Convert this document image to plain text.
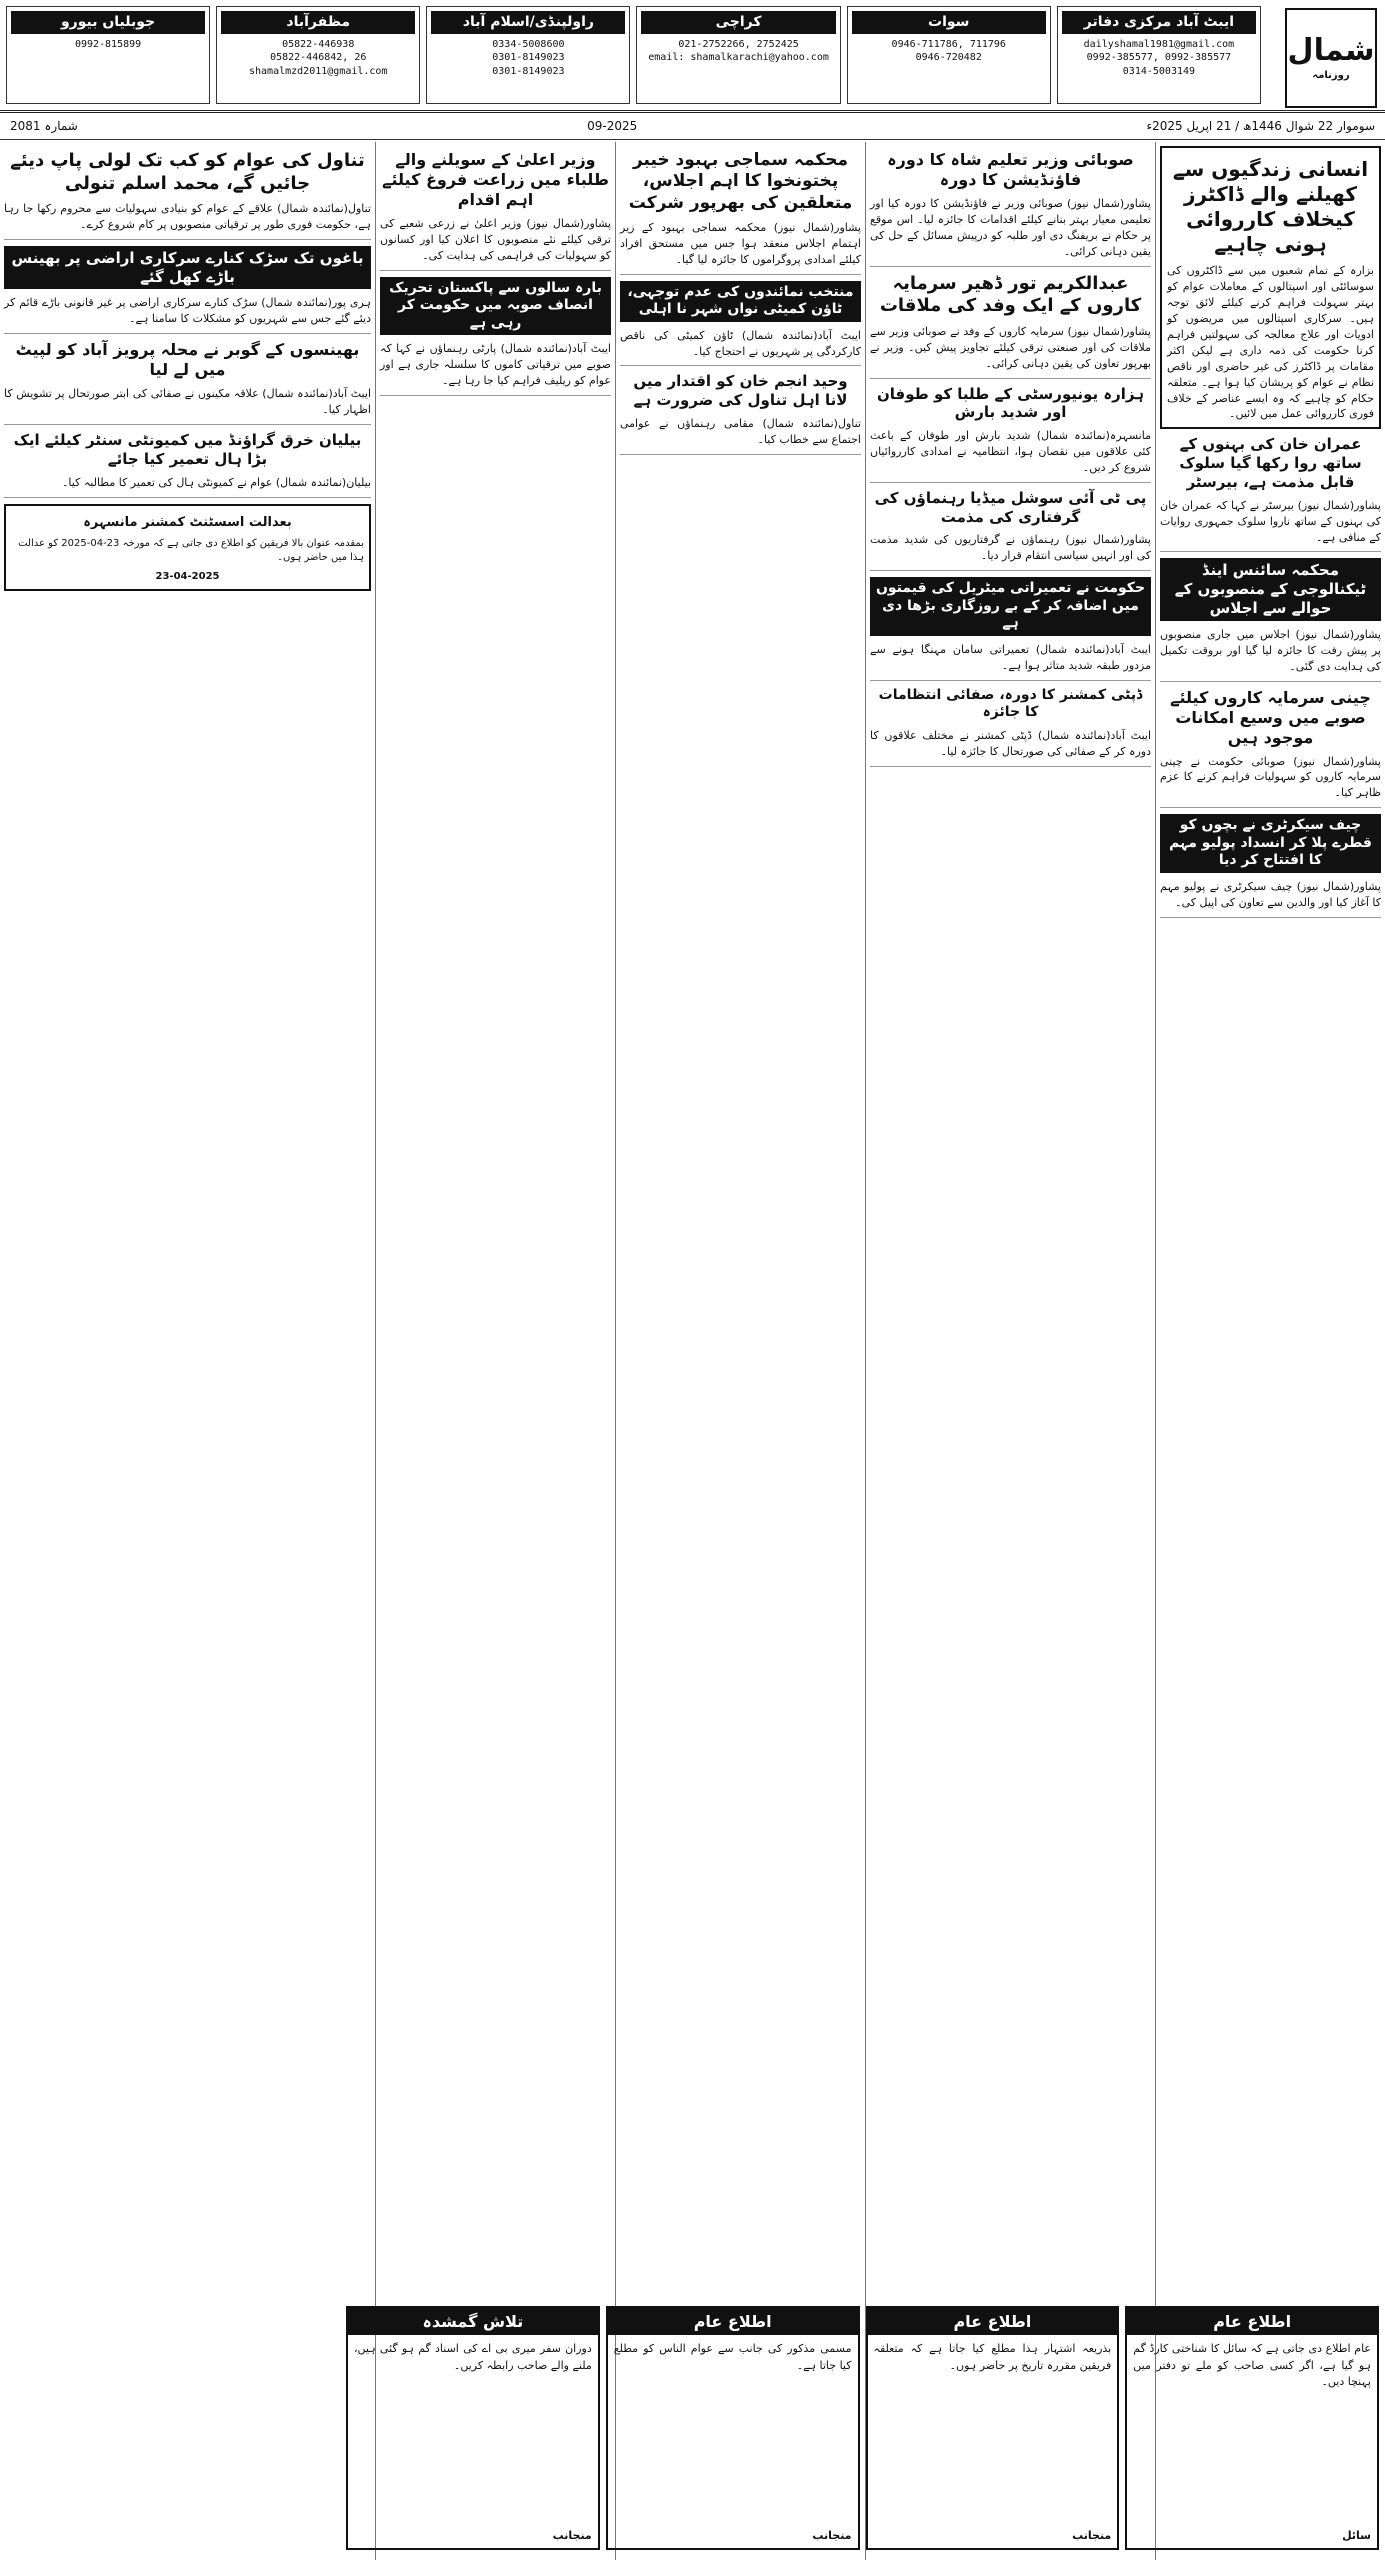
شمال
روزنامہ
ایبٹ آباد مرکزی دفاتر
dailyshamal1981@gmail.com
0992-385577, 0992-385577
0314-5003149
سوات
0946-711786, 711796
0946-720482
کراچی
021-2752266, 2752425
email: shamalkarachi@yahoo.com
راولپنڈی/اسلام آباد
0334-5008600
0301-8149023
0301-8149023
مظفرآباد
05822-446938
05822-446842, 26
shamalmzd2011@gmail.com
جوبلیاں بیورو
0992-815899
سوموار 22 شوال 1446ھ / 21 اپریل 2025ء
09-2025
شمارہ 2081
انسانی زندگیوں سے کھیلنے والے ڈاکٹرز کیخلاف کارروائی ہونی چاہیے
بزارہ کے تمام شعبوں میں سے ڈاکٹروں کی سوسائٹی اور اسپتالوں کے معاملات عوام کو بہتر سہولت فراہم کرنے کیلئے لائق توجہ ہیں۔ سرکاری اسپتالوں میں مریضوں کو ادویات اور علاج معالجہ کی سہولتیں فراہم کرنا حکومت کی ذمہ داری ہے لیکن اکثر مقامات پر ڈاکٹرز کی غیر حاضری اور ناقص نظام نے عوام کو پریشان کیا ہوا ہے۔ متعلقہ حکام کو چاہیے کہ وہ ایسے عناصر کے خلاف فوری کارروائی عمل میں لائیں۔
عمران خان کی بہنوں کے ساتھ روا رکھا گیا سلوک قابل مذمت ہے، بیرسٹر
پشاور(شمال نیوز) بیرسٹر نے کہا کہ عمران خان کی بہنوں کے ساتھ ناروا سلوک جمہوری روایات کے منافی ہے۔
محکمہ سائنس اینڈ ٹیکنالوجی کے منصوبوں کے حوالے سے اجلاس
پشاور(شمال نیوز) اجلاس میں جاری منصوبوں پر پیش رفت کا جائزہ لیا گیا اور بروقت تکمیل کی ہدایت دی گئی۔
چینی سرمایہ کاروں کیلئے صوبے میں وسیع امکانات موجود ہیں
پشاور(شمال نیوز) صوبائی حکومت نے چینی سرمایہ کاروں کو سہولیات فراہم کرنے کا عزم ظاہر کیا۔
چیف سیکرٹری نے بچوں کو قطرے پلا کر انسداد پولیو مہم کا افتتاح کر دیا
پشاور(شمال نیوز) چیف سیکرٹری نے پولیو مہم کا آغاز کیا اور والدین سے تعاون کی اپیل کی۔
صوبائی وزیر تعلیم شاہ کا دورہ فاؤنڈیشن کا دورہ
پشاور(شمال نیوز) صوبائی وزیر نے فاؤنڈیشن کا دورہ کیا اور تعلیمی معیار بہتر بنانے کیلئے اقدامات کا جائزہ لیا۔ اس موقع پر حکام نے بریفنگ دی اور طلبہ کو درپیش مسائل کے حل کی یقین دہانی کرائی۔
عبدالکریم تور ڈھیر سرمایہ کاروں کے ایک وفد کی ملاقات
پشاور(شمال نیوز) سرمایہ کاروں کے وفد نے صوبائی وزیر سے ملاقات کی اور صنعتی ترقی کیلئے تجاویز پیش کیں۔ وزیر نے بھرپور تعاون کی یقین دہانی کرائی۔
ہزارہ یونیورسٹی کے طلبا کو طوفان اور شدید بارش
مانسہرہ(نمائندہ شمال) شدید بارش اور طوفان کے باعث کئی علاقوں میں نقصان ہوا، انتظامیہ نے امدادی کارروائیاں شروع کر دیں۔
پی ٹی آئی سوشل میڈیا رہنماؤں کی گرفتاری کی مذمت
پشاور(شمال نیوز) رہنماؤں نے گرفتاریوں کی شدید مذمت کی اور انہیں سیاسی انتقام قرار دیا۔
حکومت نے تعمیراتی میٹریل کی قیمتوں میں اضافہ کر کے بے روزگاری بڑھا دی ہے
ایبٹ آباد(نمائندہ شمال) تعمیراتی سامان مہنگا ہونے سے مزدور طبقہ شدید متاثر ہوا ہے۔
ڈپٹی کمشنر کا دورہ، صفائی انتظامات کا جائزہ
ایبٹ آباد(نمائندہ شمال) ڈپٹی کمشنر نے مختلف علاقوں کا دورہ کر کے صفائی کی صورتحال کا جائزہ لیا۔
محکمہ سماجی بہبود خیبر پختونخوا کا اہم اجلاس، متعلقین کی بھرپور شرکت
پشاور(شمال نیوز) محکمہ سماجی بہبود کے زیر اہتمام اجلاس منعقد ہوا جس میں مستحق افراد کیلئے امدادی پروگراموں کا جائزہ لیا گیا۔
منتخب نمائندوں کی عدم توجہی، ٹاؤن کمیٹی نواں شہر نا اہلی
ایبٹ آباد(نمائندہ شمال) ٹاؤن کمیٹی کی ناقص کارکردگی پر شہریوں نے احتجاج کیا۔
وحید انجم خان کو اقتدار میں لانا اہل تناول کی ضرورت ہے
تناول(نمائندہ شمال) مقامی رہنماؤں نے عوامی اجتماع سے خطاب کیا۔
وزیر اعلیٰ کے سویلنے والے طلباء میں زراعت فروغ کیلئے اہم اقدام
پشاور(شمال نیوز) وزیر اعلیٰ نے زرعی شعبے کی ترقی کیلئے نئے منصوبوں کا اعلان کیا اور کسانوں کو سہولیات کی فراہمی کی ہدایت کی۔
بارہ سالوں سے پاکستان تحریک انصاف صوبہ میں حکومت کر رہی ہے
ایبٹ آباد(نمائندہ شمال) پارٹی رہنماؤں نے کہا کہ صوبے میں ترقیاتی کاموں کا سلسلہ جاری ہے اور عوام کو ریلیف فراہم کیا جا رہا ہے۔
تناول کی عوام کو کب تک لولی پاپ دیئے جائیں گے، محمد اسلم تنولی
تناول(نمائندہ شمال) علاقے کے عوام کو بنیادی سہولیات سے محروم رکھا جا رہا ہے، حکومت فوری طور پر ترقیاتی منصوبوں پر کام شروع کرے۔
باغوں تک سڑک کنارے سرکاری اراضی پر بھینس باڑے کھل گئے
ہری پور(نمائندہ شمال) سڑک کنارے سرکاری اراضی پر غیر قانونی باڑے قائم کر دیئے گئے جس سے شہریوں کو مشکلات کا سامنا ہے۔
بھینسوں کے گوبر نے محلہ پرویز آباد کو لپیٹ میں لے لیا
ایبٹ آباد(نمائندہ شمال) علاقہ مکینوں نے صفائی کی ابتر صورتحال پر تشویش کا اظہار کیا۔
بیلیان خرق گراؤنڈ میں کمیونٹی سنٹر کیلئے ایک بڑا ہال تعمیر کیا جائے
بیلیان(نمائندہ شمال) عوام نے کمیونٹی ہال کی تعمیر کا مطالبہ کیا۔
بعدالت اسسٹنٹ کمشنر مانسہرہ
بمقدمہ عنوان بالا فریقین کو اطلاع دی جاتی ہے کہ مورخہ 23-04-2025 کو عدالت ہذا میں حاضر ہوں۔
23-04-2025
اطلاع عام
عام اطلاع دی جاتی ہے کہ سائل کا شناختی کارڈ گم ہو گیا ہے، اگر کسی صاحب کو ملے تو دفتر میں پہنچا دیں۔
سائل
اطلاع عام
بذریعہ اشتہار ہذا مطلع کیا جاتا ہے کہ متعلقہ فریقین مقررہ تاریخ پر حاضر ہوں۔
منجانب
اطلاع عام
مسمی مذکور کی جانب سے عوام الناس کو مطلع کیا جاتا ہے۔
منجانب
تلاش گمشدہ
دوران سفر میری بی اے کی اسناد گم ہو گئی ہیں، ملنے والے صاحب رابطہ کریں۔
منجانب
